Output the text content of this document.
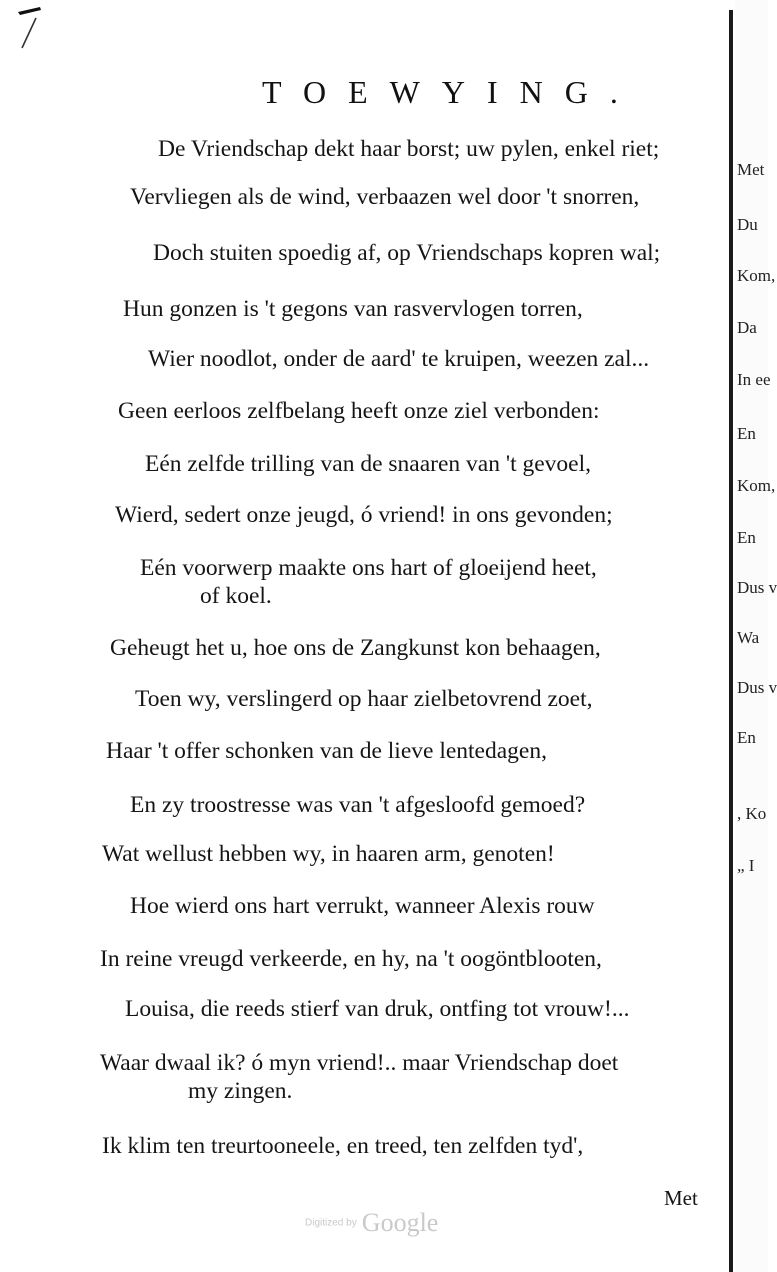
TOEWYING.
De Vriendschap dekt haar borst; uw pylen, enkel riet;
Vervliegen als de wind, verbaazen wel door 't snorren,
Doch stuiten spoedig af, op Vriendschaps kopren wal;
Hun gonzen is 't gegons van rasvervlogen torren,
Wier noodlot, onder de aard' te kruipen, weezen zal...
Geen eerloos zelfbelang heeft onze ziel verbonden:
Eén zelfde trilling van de snaaren van 't gevoel,
Wierd, sedert onze jeugd, ó vriend! in ons gevonden;
Eén voorwerp maakte ons hart of gloeijend heet,
of koel.
Geheugt het u, hoe ons de Zangkunst kon behaagen,
Toen wy, verslingerd op haar zielbetovrend zoet,
Haar 't offer schonken van de lieve lentedagen,
En zy troostresse was van 't afgesloofd gemoed?
Wat wellust hebben wy, in haaren arm, genoten!
Hoe wierd ons hart verrukt, wanneer Alexis rouw
In reine vreugd verkeerde, en hy, na 't oogöntblooten,
Louisa, die reeds stierf van druk, ontfing tot vrouw!...
Waar dwaal ik? ó myn vriend!.. maar Vriendschap doet
my zingen.
Ik klim ten treurtooneele, en treed, ten zelfden tyd',
Met
Digitized by Google
Met
Du
Kom,
Da
In ee
En
Kom,
En
Dus v
Wa
Dus v
En
, Ko
„ I
